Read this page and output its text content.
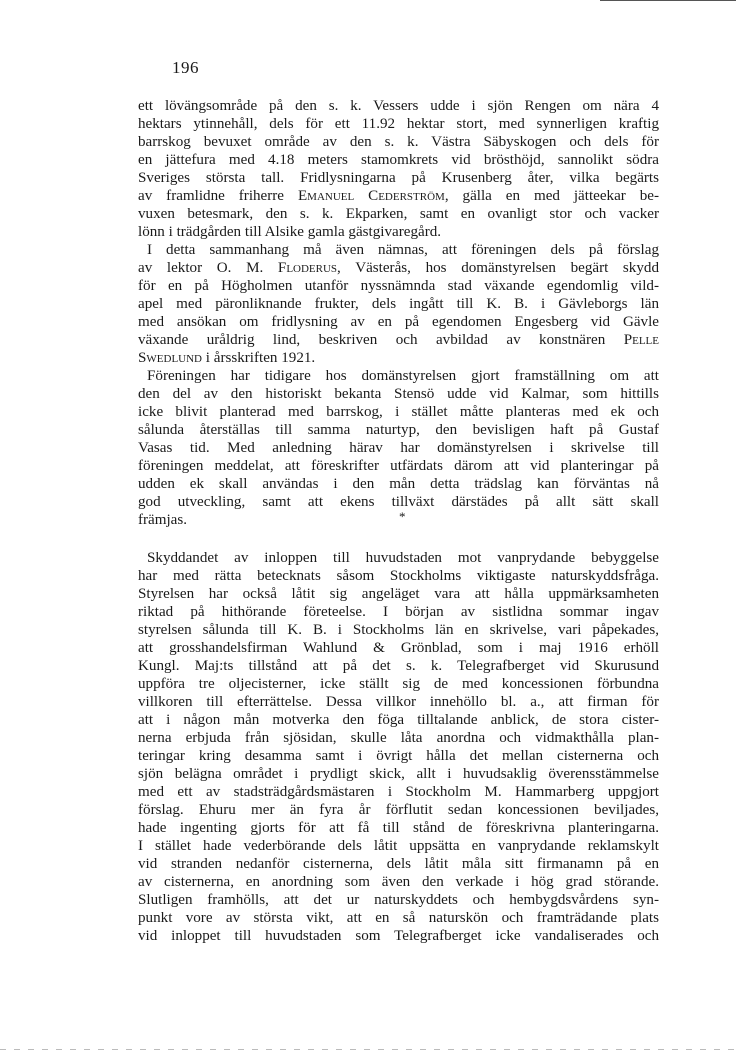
196
ett lövängsområde på den s. k. Vessers udde i sjön Rengen om nära 4
hektars ytinnehåll, dels för ett 11.92 hektar stort, med synnerligen kraftig
barrskog bevuxet område av den s. k. Västra Säbyskogen och dels för
en jättefura med 4.18 meters stamomkrets vid brösthöjd, sannolikt södra
Sveriges största tall. Fridlysningarna på Krusenberg åter, vilka begärts
av framlidne friherre Emanuel Cederström, gälla en med jätteekar be-
vuxen betesmark, den s. k. Ekparken, samt en ovanligt stor och vacker
lönn i trädgården till Alsike gamla gästgivaregård.
I detta sammanhang må även nämnas, att föreningen dels på förslag
av lektor O. M. Floderus, Västerås, hos domänstyrelsen begärt skydd
för en på Högholmen utanför nyssnämnda stad växande egendomlig vild-
apel med päronliknande frukter, dels ingått till K. B. i Gävleborgs län
med ansökan om fridlysning av en på egendomen Engesberg vid Gävle
växande uråldrig lind, beskriven och avbildad av konstnären Pelle
Swedlund i årsskriften 1921.
Föreningen har tidigare hos domänstyrelsen gjort framställning om att
den del av den historiskt bekanta Stensö udde vid Kalmar, som hittills
icke blivit planterad med barrskog, i stället måtte planteras med ek och
sålunda återställas till samma naturtyp, den bevisligen haft på Gustaf
Vasas tid. Med anledning härav har domänstyrelsen i skrivelse till
föreningen meddelat, att föreskrifter utfärdats därom att vid planteringar på
udden ek skall användas i den mån detta trädslag kan förväntas nå
god utveckling, samt att ekens tillväxt därstädes på allt sätt skall
främjas.	*
Skyddandet av inloppen till huvudstaden mot vanprydande bebyggelse
har med rätta betecknats såsom Stockholms viktigaste naturskyddsfråga.
Styrelsen har också låtit sig angeläget vara att hålla uppmärksamheten
riktad på hithörande företeelse. I början av sistlidna sommar ingav
styrelsen sålunda till K. B. i Stockholms län en skrivelse, vari påpekades,
att grosshandelsfirman Wahlund & Grönblad, som i maj 1916 erhöll
Kungl. Maj:ts tillstånd att på det s. k. Telegrafberget vid Skurusund
uppföra tre oljecisterner, icke ställt sig de med koncessionen förbundna
villkoren till efterrättelse. Dessa villkor innehöllo bl. a., att firman för
att i någon mån motverka den föga tilltalande anblick, de stora cister-
nerna erbjuda från sjösidan, skulle låta anordna och vidmakthålla plan-
teringar kring desamma samt i övrigt hålla det mellan cisternerna och
sjön belägna området i prydligt skick, allt i huvudsaklig överensstämmelse
med ett av stadsträdgårdsmästaren i Stockholm M. Hammarberg uppgjort
förslag. Ehuru mer än fyra år förflutit sedan koncessionen beviljades,
hade ingenting gjorts för att få till stånd de föreskrivna planteringarna.
I stället hade vederbörande dels låtit uppsätta en vanprydande reklamskylt
vid stranden nedanför cisternerna, dels låtit måla sitt firmanamn på en
av cisternerna, en anordning som även den verkade i hög grad störande.
Slutligen framhölls, att det ur naturskyddets och hembygdsvårdens syn-
punkt vore av största vikt, att en så naturskön och framträdande plats
vid inloppet till huvudstaden som Telegrafberget icke vandaliserades och
